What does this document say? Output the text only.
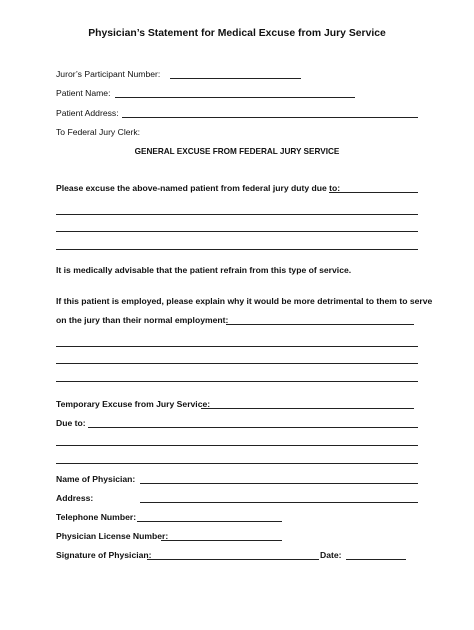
Physician’s Statement for Medical Excuse from Jury Service
Juror’s Participant Number:
Patient Name:
Patient Address:
To Federal Jury Clerk:
GENERAL EXCUSE FROM FEDERAL JURY SERVICE
Please excuse the above-named patient from federal jury duty due to:
It is medically advisable that the patient refrain from this type of service.
If this patient is employed, please explain why it would be more detrimental to them to serve
on the jury than their normal employment:
Temporary Excuse from Jury Service:
Due to:
Name of Physician:
Address:
Telephone Number:
Physician License Number:
Signature of Physician:	Date:
